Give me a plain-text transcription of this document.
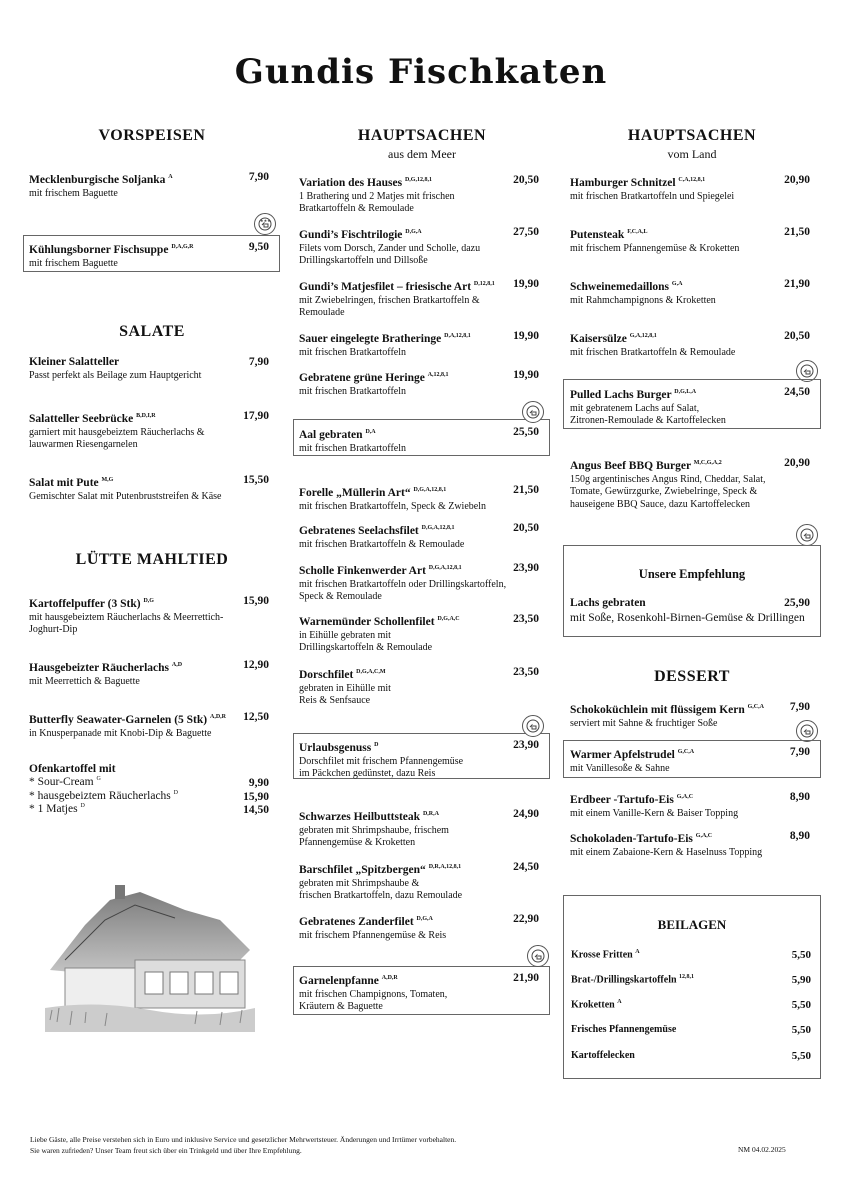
Gundis Fischkaten
VORSPEISEN
Mecklenburgische Soljanka $^A$	7,90
mit frischem Baguette
★★★
Kühlungsborner Fischsuppe $^{D,A,G,R}$	9,50
mit frischem Baguette
SALATE
Kleiner Salatteller	7,90
Passt perfekt als Beilage zum Hauptgericht
Salatteller Seebrücke $^{B,D,I,R}$	17,90
garniert mit hausgebeiztem Räucherlachs &
lauwarmen Riesengarnelen
Salat mit Pute $^{M,G}$	15,50
Gemischter Salat mit Putenbruststreifen & Käse
LÜTTE MAHLTIED
Kartoffelpuffer (3 Stk) $^{D,G}$	15,90
mit hausgebeiztem Räucherlachs & Meerrettich-
Joghurt-Dip
Hausgebeizter Räucherlachs $^{A,D}$	12,90
mit Meerrettich & Baguette
Butterfly Seawater-Garnelen (5 Stk) $^{A,D,R}$ 12,50
in Knusperpanade mit Knobi-Dip & Baguette
Ofenkartoffel mit
* Sour-Cream $^G$	9,90
* hausgebeiztem Räucherlachs $^D$	15,90
* 1 Matjes $^D$	14,50
HAUPTSACHEN
aus dem Meer
Variation des Hauses $^{D,G,12,8,1}$	20,50
1 Brathering und 2 Matjes mit frischen
Bratkartoffeln & Remoulade
Gundi’s Fischtrilogie $^{D,G,A}$	27,50
Filets vom Dorsch, Zander und Scholle, dazu
Drillingskartoffeln und Dillsoße
Gundi’s Matjesfilet – friesische Art $^{D,12,8,1}$ 19,90
mit Zwiebelringen, frischen Bratkartoffeln &
Remoulade
Sauer eingelegte Bratheringe $^{D,A,12,8,1}$	19,90
mit frischen Bratkartoffeln
Gebratene grüne Heringe $^{A,12,8,1}$	19,90
mit frischen Bratkartoffeln
Aal gebraten $^{D,A}$	25,50
mit frischen Bratkartoffeln
Forelle „Müllerin Art“ $^{D,G,A,12,8,1}$	21,50
mit frischen Bratkartoffeln, Speck & Zwiebeln
Gebratenes Seelachsfilet $^{D,G,A,12,8,1}$	20,50
mit frischen Bratkartoffeln & Remoulade
Scholle Finkenwerder Art $^{D,G,A,12,8,1}$	23,90
mit frischen Bratkartoffeln oder Drillingskartoffeln,
Speck & Remoulade
Warnemünder Schollenfilet $^{D,G,A,C}$	23,50
in Eihülle gebraten mit
Drillingskartoffeln & Remoulade
Dorschfilet $^{D,G,A,C,M}$	23,50
gebraten in Eihülle mit
Reis & Senfsauce
Urlaubsgenuss $^D$	23,90
Dorschfilet mit frischem Pfannengemüse
im Päckchen gedünstet, dazu Reis
Schwarzes Heilbuttsteak $^{D,R,A}$	24,90
gebraten mit Shrimpshaube, frischem
Pfannengemüse & Kroketten
Barschfilet „Spitzbergen“ $^{D,R,A,12,8,1}$	24,50
gebraten mit Shrimpshaube &
frischen Bratkartoffeln, dazu Remoulade
Gebratenes Zanderfilet $^{D,G,A}$	22,90
mit frischem Pfannengemüse & Reis
Garnelenpfanne $^{A,D,R}$	21,90
mit frischen Champignons, Tomaten,
Kräutern & Baguette
HAUPTSACHEN
vom Land
Hamburger Schnitzel $^{C,A,12,8,1}$	20,90
mit frischen Bratkartoffeln und Spiegelei
Putensteak $^{F,C,A,L}$	21,50
mit frischem Pfannengemüse & Kroketten
Schweinemedaillons $^{G,A}$	21,90
mit Rahmchampignons & Kroketten
Kaisersülze $^{G,A,12,8,1}$	20,50
mit frischen Bratkartoffeln & Remoulade
Pulled Lachs Burger $^{D,G,L,A}$	24,50
mit gebratenem Lachs auf Salat,
Zitronen-Remoulade & Kartoffelecken
Angus Beef BBQ Burger $^{M,C,G,A,2}$	20,90
150g argentinisches Angus Rind, Cheddar, Salat,
Tomate, Gewürzgurke, Zwiebelringe, Speck &
hauseigene BBQ Sauce, dazu Kartoffelecken
Unsere Empfehlung
Lachs gebraten	25,90
mit Soße, Rosenkohl-Birnen-Gemüse & Drillingen
DESSERT
Schokoküchlein mit flüssigem Kern $^{G,C,A}$ 7,90
serviert mit Sahne & fruchtiger Soße
Warmer Apfelstrudel $^{G,C,A}$	7,90
mit Vanillesoße & Sahne
Erdbeer -Tartufo-Eis $^{G,A,C}$	8,90
mit einem Vanille-Kern & Baiser Topping
Schokoladen-Tartufo-Eis $^{G,A,C}$	8,90
mit einem Zabaione-Kern & Haselnuss Topping
BEILAGEN
Krosse Fritten $^A$	5,50
Brat-/Drillingskartoffeln $^{12,8,1}$	5,90
Kroketten $^A$	5,50
Frisches Pfannengemüse	5,50
Kartoffelecken	5,50
Liebe Gäste, alle Preise verstehen sich in Euro und inklusive Service und gesetzlicher Mehrwertsteuer. Änderungen und Irrtümer vorbehalten.
Sie waren zufrieden? Unser Team freut sich über ein Trinkgeld und über Ihre Empfehlung.	NM 04.02.2025
